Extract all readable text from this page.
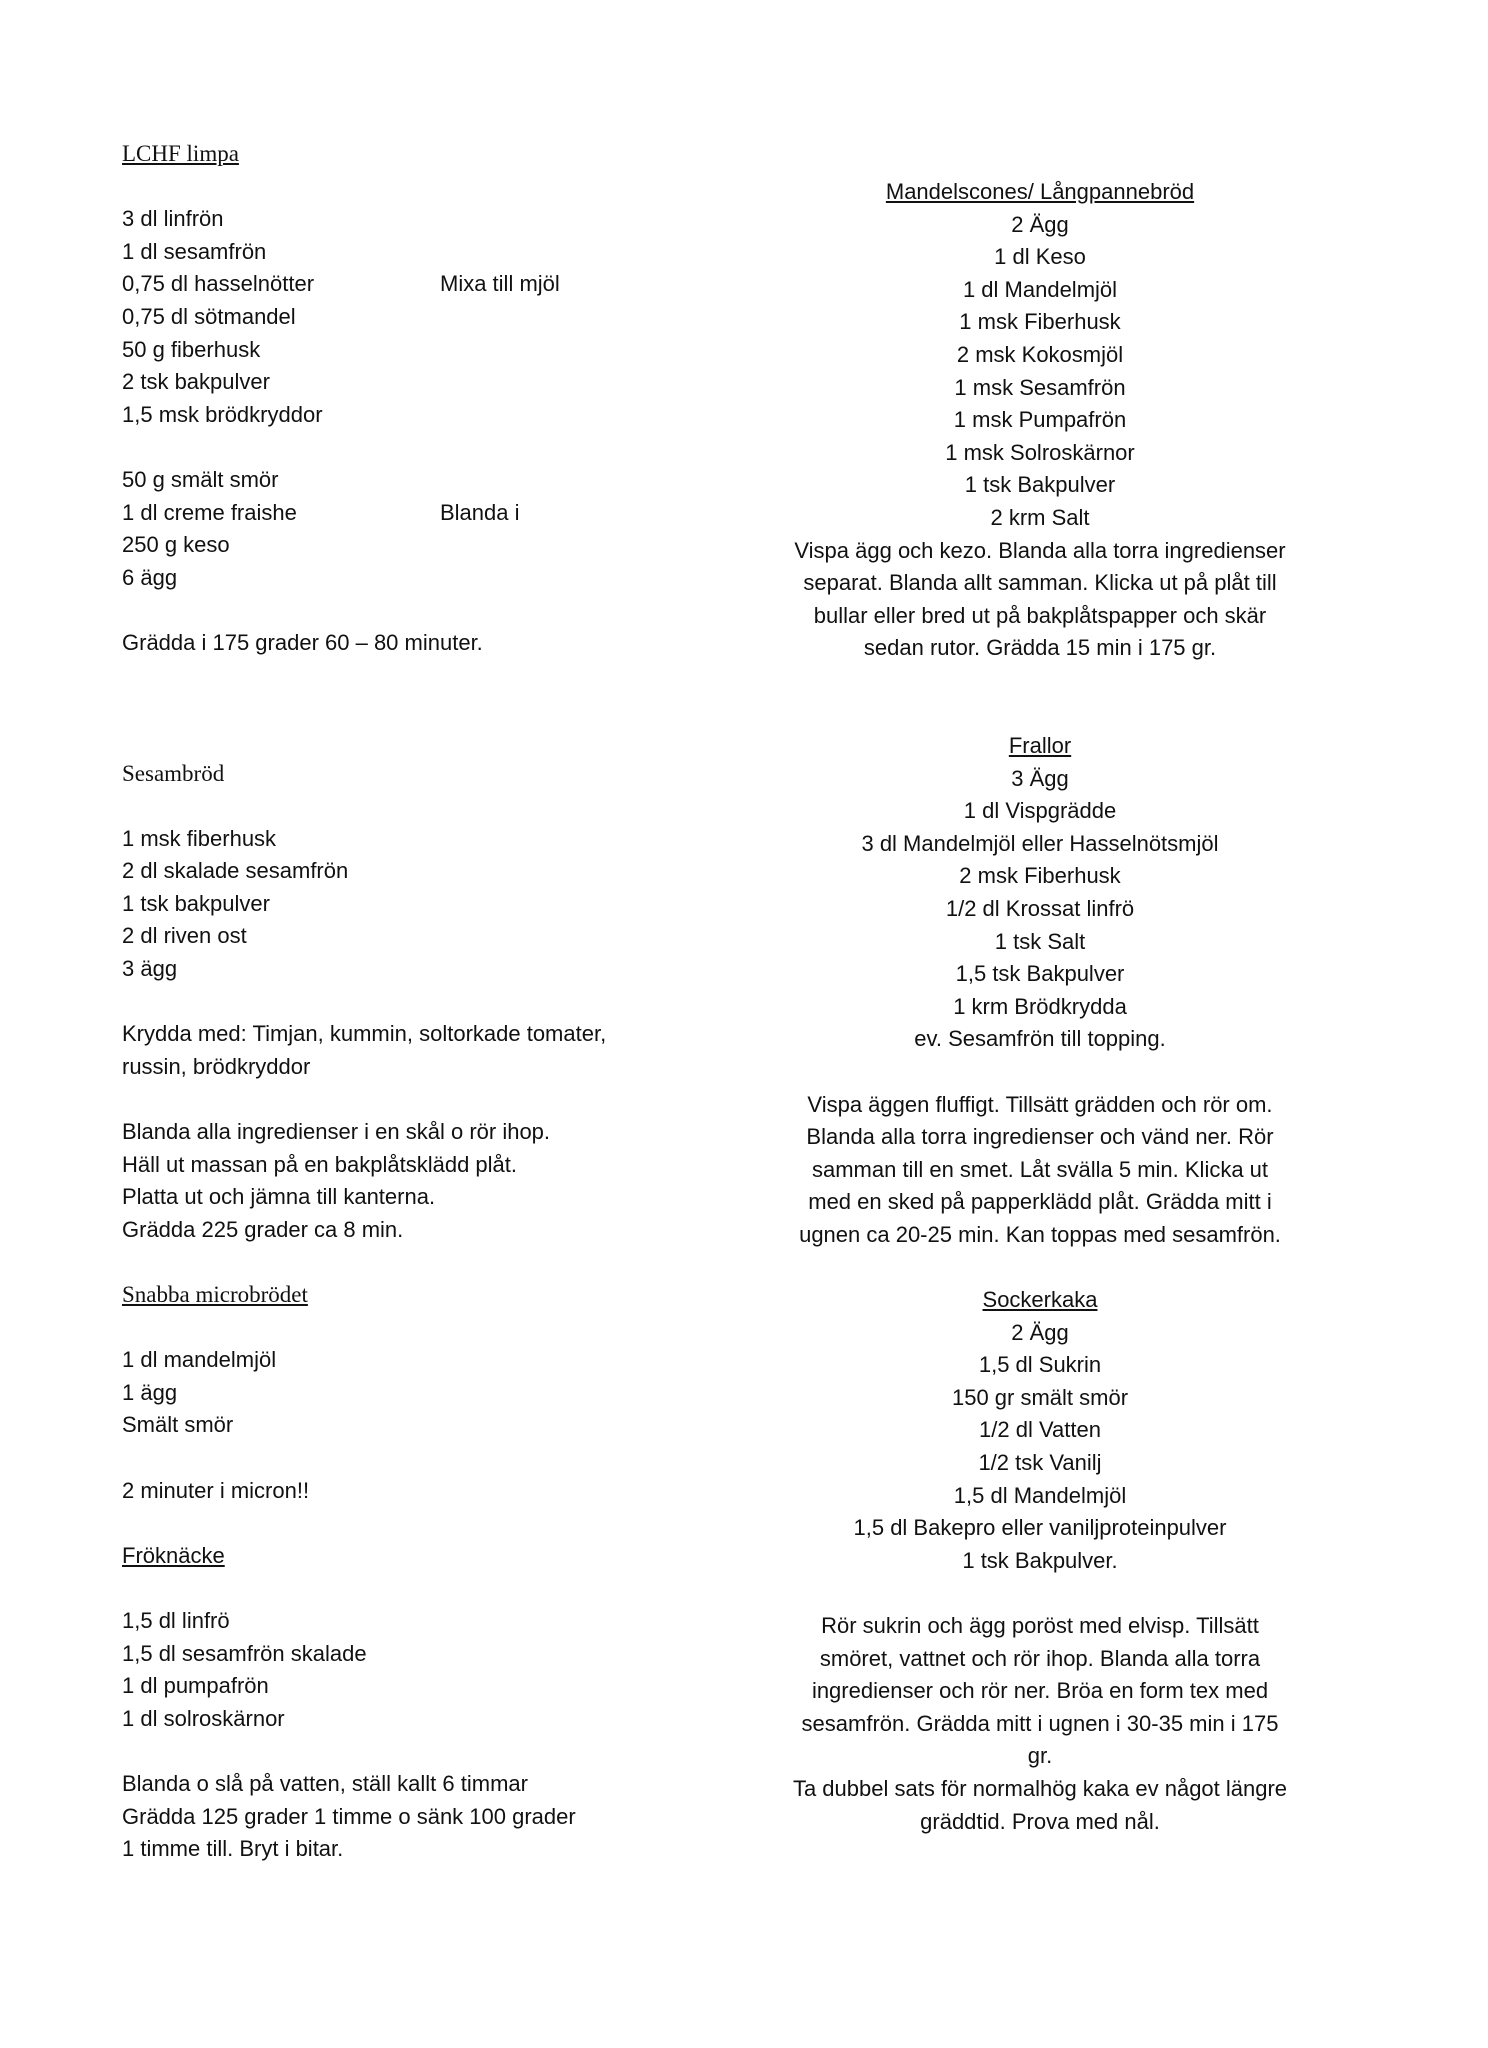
LCHF limpa
3 dl linfrön
1 dl sesamfrön
0,75 dl hasselnötter	Mixa till mjöl
0,75 dl sötmandel
50 g fiberhusk
2 tsk bakpulver
1,5 msk brödkryddor
50 g smält smör
1 dl creme fraishe	Blanda i
250 g keso
6 ägg
Grädda i 175 grader 60 – 80 minuter.
Sesambröd
1 msk fiberhusk
2 dl skalade sesamfrön
1 tsk bakpulver
2 dl riven ost
3 ägg
Krydda med: Timjan, kummin, soltorkade tomater,
russin, brödkryddor
Blanda alla ingredienser i en skål o rör ihop.
Häll ut massan på en bakplåtsklädd plåt.
Platta ut och jämna till kanterna.
Grädda 225 grader ca 8 min.
Snabba microbrödet
1 dl mandelmjöl
1 ägg
Smält smör
2 minuter i micron!!
Fröknäcke
1,5 dl linfrö
1,5 dl sesamfrön skalade
1 dl pumpafrön
1 dl solroskärnor
Blanda o slå på vatten, ställ kallt 6 timmar
Grädda 125 grader 1 timme o sänk 100 grader
1 timme till. Bryt i bitar.
Mandelscones/ Långpannebröd
2 Ägg
1 dl Keso
1 dl Mandelmjöl
1 msk Fiberhusk
2 msk Kokosmjöl
1 msk Sesamfrön
1 msk Pumpafrön
1 msk Solroskärnor
1 tsk Bakpulver
2 krm Salt
Vispa ägg och kezo. Blanda alla torra ingredienser
separat. Blanda allt samman. Klicka ut på plåt till
bullar eller bred ut på bakplåtspapper och skär
sedan rutor. Grädda 15 min i 175 gr.
Frallor
3 Ägg
1 dl Vispgrädde
3 dl Mandelmjöl eller Hasselnötsmjöl
2 msk Fiberhusk
1/2 dl Krossat linfrö
1 tsk Salt
1,5 tsk Bakpulver
1 krm Brödkrydda
ev. Sesamfrön till topping.
Vispa äggen fluffigt. Tillsätt grädden och rör om.
Blanda alla torra ingredienser och vänd ner. Rör
samman till en smet. Låt svälla 5 min. Klicka ut
med en sked på papperklädd plåt. Grädda mitt i
ugnen ca 20-25 min. Kan toppas med sesamfrön.
Sockerkaka
2 Ägg
1,5 dl Sukrin
150 gr smält smör
1/2 dl Vatten
1/2 tsk Vanilj
1,5 dl Mandelmjöl
1,5 dl Bakepro eller vaniljproteinpulver
1 tsk Bakpulver.
Rör sukrin och ägg poröst med elvisp. Tillsätt
smöret, vattnet och rör ihop. Blanda alla torra
ingredienser och rör ner. Bröa en form tex med
sesamfrön. Grädda mitt i ugnen i 30-35 min i 175
gr.
Ta dubbel sats för normalhög kaka ev något längre
gräddtid. Prova med nål.
